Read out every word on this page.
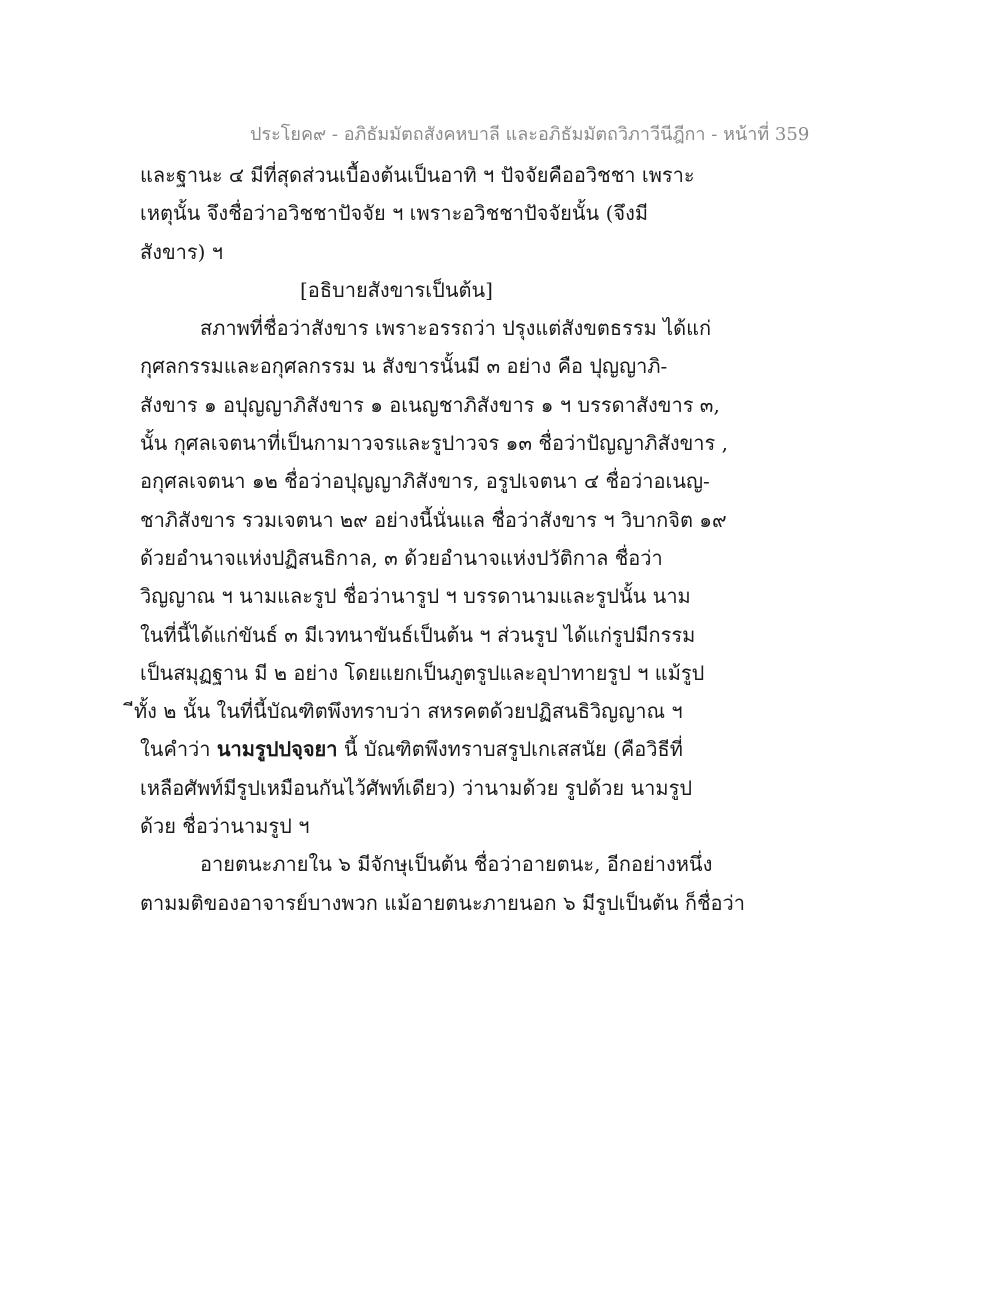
ประโยค๙ - อภิธัมมัตถสังคหบาลี และอภิธัมมัตถวิภาวีนีฎีกา - หน้าที่ 359
และฐานะ ๔ มีที่สุดส่วนเบื้องต้นเป็นอาทิ ฯ ปัจจัยคืออวิชชา เพราะ
เหตุนั้น จึงชื่อว่าอวิชชาปัจจัย ฯ เพราะอวิชชาปัจจัยนั้น (จึงมี
สังขาร) ฯ
[อธิบายสังขารเป็นต้น]
สภาพที่ชื่อว่าสังขาร เพราะอรรถว่า ปรุงแต่สังขตธรรม ได้แก่
กุศลกรรมและอกุศลกรรม น สังขารนั้นมี ๓ อย่าง คือ ปุญญาภิ-
สังขาร ๑ อปุญญาภิสังขาร ๑ อเนญชาภิสังขาร ๑ ฯ บรรดาสังขาร ๓,
นั้น กุศลเจตนาที่เป็นกามาวจรและรูปาวจร ๑๓ ชื่อว่าปัญญาภิสังขาร ,
อกุศลเจตนา ๑๒ ชื่อว่าอปุญญาภิสังขาร, อรูปเจตนา ๔ ชื่อว่าอเนญ-
ชาภิสังขาร รวมเจตนา ๒๙ อย่างนี้นั่นแล ชื่อว่าสังขาร ฯ วิบากจิต ๑๙
ด้วยอำนาจแห่งปฏิสนธิกาล, ๓ ด้วยอำนาจแห่งปวัติกาล ชื่อว่า
วิญญาณ ฯ นามและรูป ชื่อว่านารูป ฯ บรรดานามและรูปนั้น นาม
ในที่นี้ได้แก่ขันธ์ ๓ มีเวทนาขันธ์เป็นต้น ฯ ส่วนรูป ได้แก่รูปมีกรรม
เป็นสมุฏฐาน มี ๒ อย่าง โดยแยกเป็นภูตรูปและอุปาทายรูป ฯ แม้รูป
ีทั้ง ๒ นั้น ในที่นี้บัณฑิตพึงทราบว่า สหรคตด้วยปฏิสนธิวิญญาณ ฯ
ในคำว่า นามรูปปจฺจยา นี้ บัณฑิตพึงทราบสรูปเกเสสนัย (คือวิธีที่
เหลือศัพท์มีรูปเหมือนกันไว้ศัพท์เดียว) ว่านามด้วย รูปด้วย นามรูป
ด้วย ชื่อว่านามรูป ฯ
อายตนะภายใน ๖ มีจักษุเป็นต้น ชื่อว่าอายตนะ, อีกอย่างหนึ่ง
ตามมติของอาจารย์บางพวก แม้อายตนะภายนอก ๖ มีรูปเป็นต้น ก็ชื่อว่า
